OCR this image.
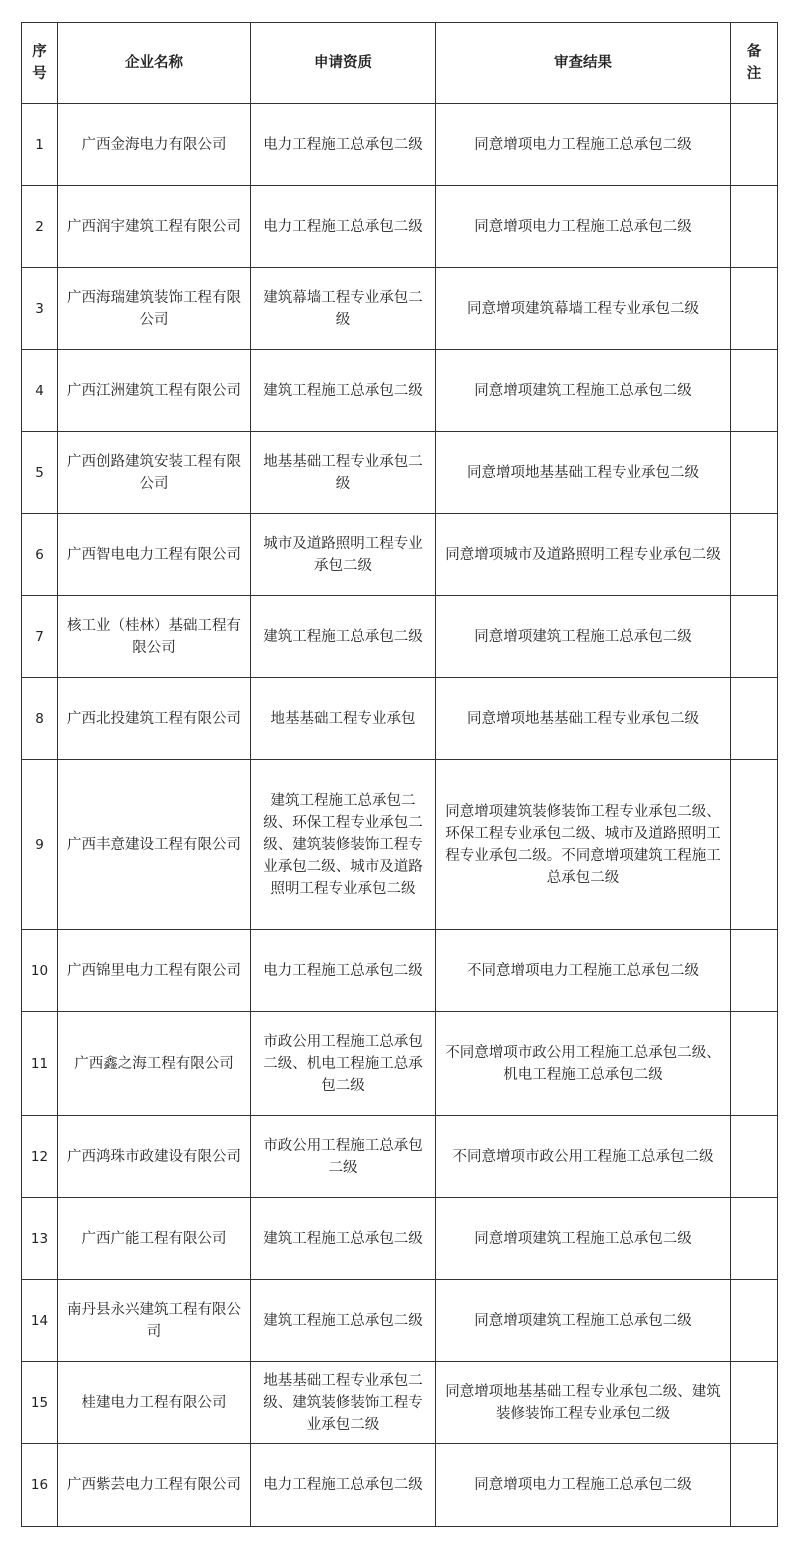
序号	企业名称	申请资质	审查结果	备注
1	广西金海电力有限公司	电力工程施工总承包二级	同意增项电力工程施工总承包二级	
2	广西润宇建筑工程有限公司	电力工程施工总承包二级	同意增项电力工程施工总承包二级	
3	广西海瑞建筑装饰工程有限公司	建筑幕墙工程专业承包二级	同意增项建筑幕墙工程专业承包二级	
4	广西江洲建筑工程有限公司	建筑工程施工总承包二级	同意增项建筑工程施工总承包二级	
5	广西创路建筑安装工程有限公司	地基基础工程专业承包二级	同意增项地基基础工程专业承包二级	
6	广西智电电力工程有限公司	城市及道路照明工程专业承包二级	同意增项城市及道路照明工程专业承包二级	
7	核工业（桂林）基础工程有限公司	建筑工程施工总承包二级	同意增项建筑工程施工总承包二级	
8	广西北投建筑工程有限公司	地基基础工程专业承包	同意增项地基基础工程专业承包二级	
9	广西丰意建设工程有限公司	建筑工程施工总承包二级、环保工程专业承包二级、建筑装修装饰工程专业承包二级、城市及道路照明工程专业承包二级	同意增项建筑装修装饰工程专业承包二级、环保工程专业承包二级、城市及道路照明工程专业承包二级。不同意增项建筑工程施工总承包二级	
10	广西锦里电力工程有限公司	电力工程施工总承包二级	不同意增项电力工程施工总承包二级	
11	广西鑫之海工程有限公司	市政公用工程施工总承包二级、机电工程施工总承包二级	不同意增项市政公用工程施工总承包二级、机电工程施工总承包二级	
12	广西鸿珠市政建设有限公司	市政公用工程施工总承包二级	不同意增项市政公用工程施工总承包二级	
13	广西广能工程有限公司	建筑工程施工总承包二级	同意增项建筑工程施工总承包二级	
14	南丹县永兴建筑工程有限公司	建筑工程施工总承包二级	同意增项建筑工程施工总承包二级	
15	桂建电力工程有限公司	地基基础工程专业承包二级、建筑装修装饰工程专业承包二级	同意增项地基基础工程专业承包二级、建筑装修装饰工程专业承包二级	
16	广西紫芸电力工程有限公司	电力工程施工总承包二级	同意增项电力工程施工总承包二级	
